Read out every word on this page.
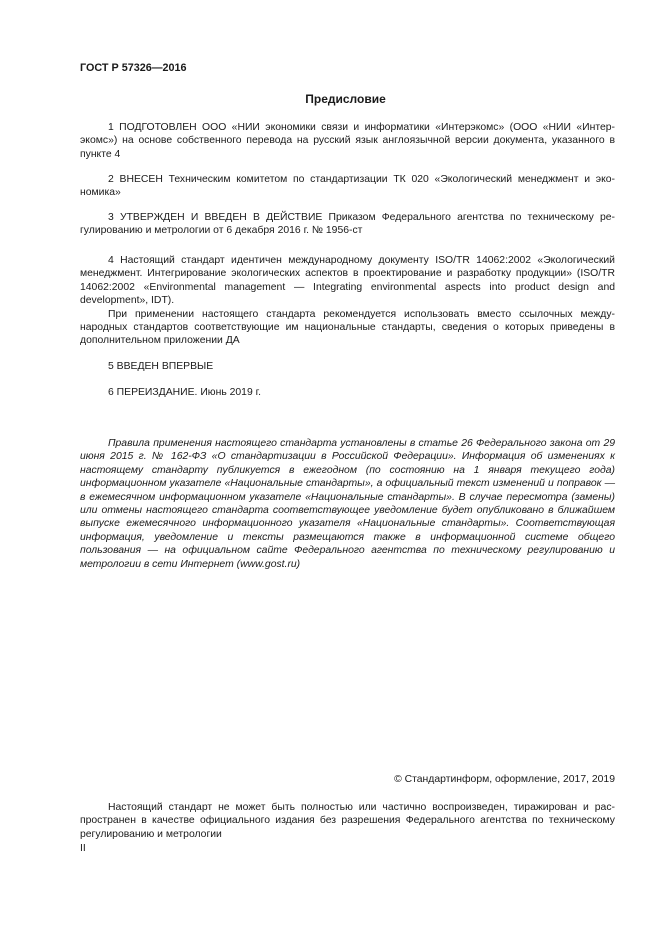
ГОСТ Р 57326—2016
Предисловие

1 ПОДГОТОВЛЕН ООО «НИИ экономики связи и информатики «Интерэкомс» (ООО «НИИ «Интерэкомс») на основе собственного перевода на русский язык англоязычной версии документа, указанного в пункте 4

2 ВНЕСЕН Техническим комитетом по стандартизации ТК 020 «Экологический менеджмент и экономика»

3 УТВЕРЖДЕН И ВВЕДЕН В ДЕЙСТВИЕ Приказом Федерального агентства по техническому регулированию и метрологии от 6 декабря 2016 г. № 1956-ст

4 Настоящий стандарт идентичен международному документу ISO/TR 14062:2002 «Экологический менеджмент. Интегрирование экологических аспектов в проектирование и разработку продукции» (ISO/TR 14062:2002 «Environmental management — Integrating environmental aspects into product design and development», IDT).

При применении настоящего стандарта рекомендуется использовать вместо ссылочных международных стандартов соответствующие им национальные стандарты, сведения о которых приведены в дополнительном приложении ДА

5 ВВЕДЕН ВПЕРВЫЕ

6 ПЕРЕИЗДАНИЕ. Июнь 2019 г.

Правила применения настоящего стандарта установлены в статье 26 Федерального закона от 29 июня 2015 г. № 162-ФЗ «О стандартизации в Российской Федерации». Информация об изменениях к настоящему стандарту публикуется в ежегодном (по состоянию на 1 января текущего года) информационном указателе «Национальные стандарты», а официальный текст изменений и поправок — в ежемесячном информационном указателе «Национальные стандарты». В случае пересмотра (замены) или отмены настоящего стандарта соответствующее уведомление будет опубликовано в ближайшем выпуске ежемесячного информационного указателя «Национальные стандарты». Соответствующая информация, уведомление и тексты размещаются также в информационной системе общего пользования — на официальном сайте Федерального агентства по техническому регулированию и метрологии в сети Интернет (www.gost.ru)

© Стандартинформ, оформление, 2017, 2019

Настоящий стандарт не может быть полностью или частично воспроизведен, тиражирован и распространен в качестве официального издания без разрешения Федерального агентства по техническому регулированию и метрологии

II
